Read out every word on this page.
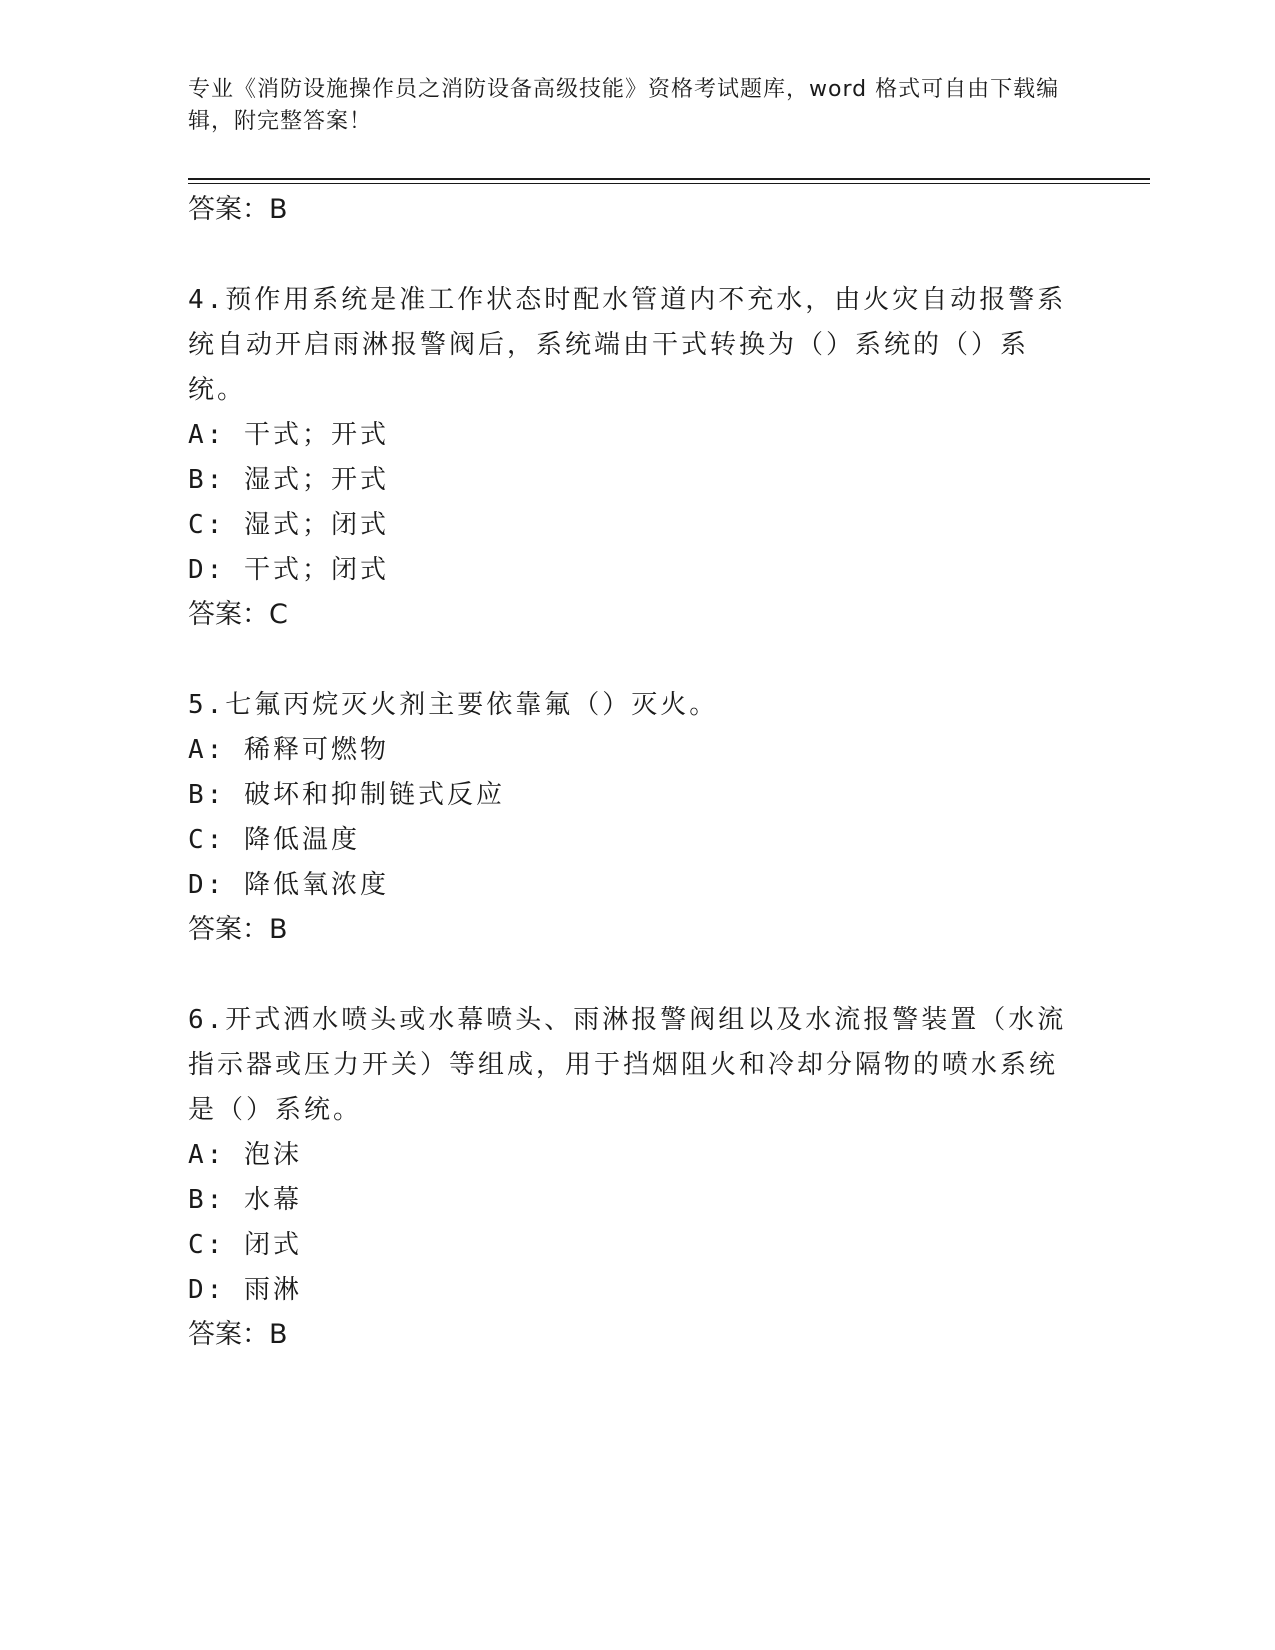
专业《消防设施操作员之消防设备高级技能》资格考试题库，word 格式可自由下载编辑，附完整答案！
答案：B
4.预作用系统是准工作状态时配水管道内不充水，由火灾自动报警系统自动开启雨淋报警阀后，系统端由干式转换为（）系统的（）系统。
A: 干式；开式
B: 湿式；开式
C: 湿式；闭式
D: 干式；闭式
答案：C
5.七氟丙烷灭火剂主要依靠氟（）灭火。
A: 稀释可燃物
B: 破坏和抑制链式反应
C: 降低温度
D: 降低氧浓度
答案：B
6.开式洒水喷头或水幕喷头、雨淋报警阀组以及水流报警装置（水流指示器或压力开关）等组成，用于挡烟阻火和冷却分隔物的喷水系统是（）系统。
A: 泡沫
B: 水幕
C: 闭式
D: 雨淋
答案：B
